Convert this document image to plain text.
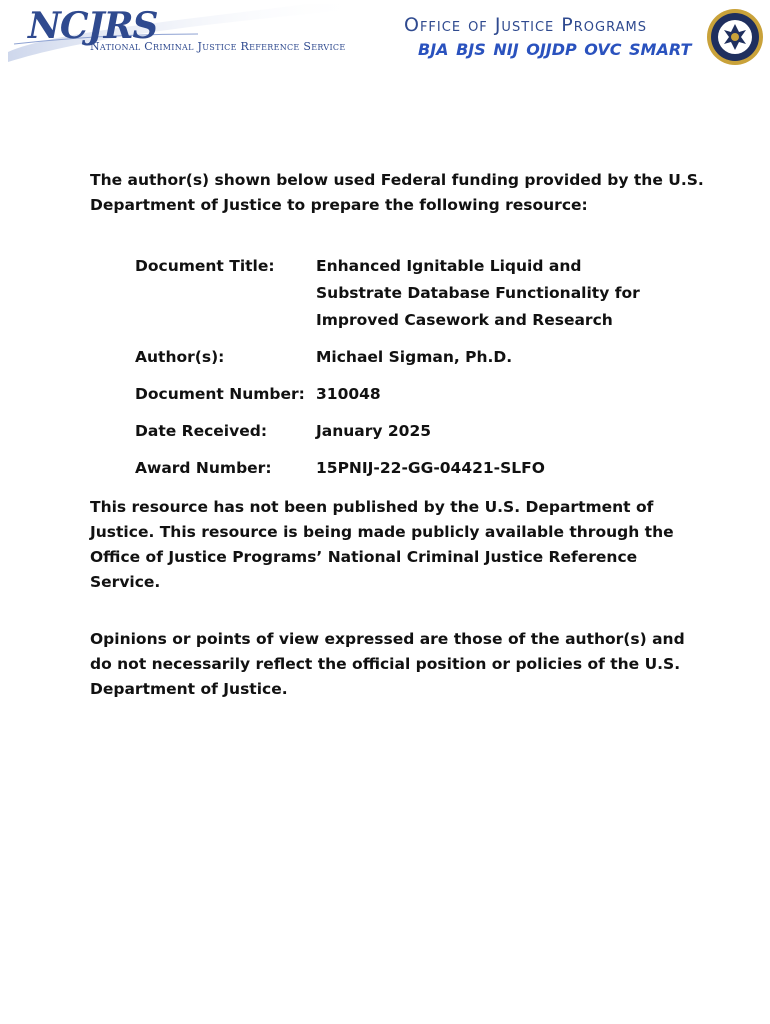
NCJRS
National Criminal Justice Reference Service
Office of Justice Programs
BJA BJS NIJ OJJDP OVC SMART

The author(s) shown below used Federal funding provided by the U.S. Department of Justice to prepare the following resource:

Document Title:	Enhanced Ignitable Liquid and Substrate Database Functionality for Improved Casework and Research
Author(s):	Michael Sigman, Ph.D.
Document Number:	310048
Date Received:	January 2025
Award Number:	15PNIJ-22-GG-04421-SLFO

This resource has not been published by the U.S. Department of Justice. This resource is being made publicly available through the Office of Justice Programs’ National Criminal Justice Reference Service.

Opinions or points of view expressed are those of the author(s) and do not necessarily reflect the official position or policies of the U.S. Department of Justice.
